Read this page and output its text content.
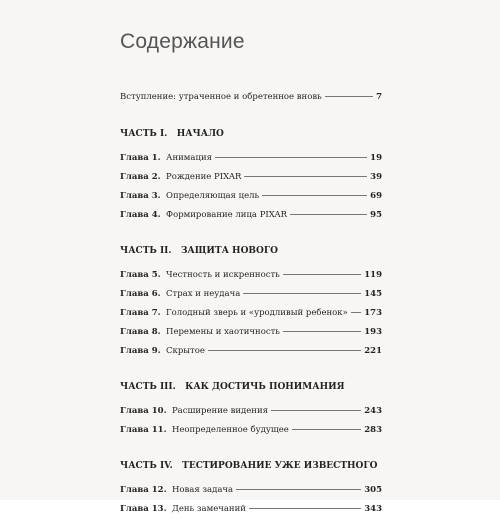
Содержание
Вступление: утраченное и обретенное вновь	7
ЧАСТЬ I. НАЧАЛО
Глава 1. Анимация	19
Глава 2. Рождение PIXAR	39
Глава 3. Определяющая цель	69
Глава 4. Формирование лица PIXAR	95
ЧАСТЬ II. ЗАЩИТА НОВОГО
Глава 5. Честность и искренность	119
Глава 6. Страх и неудача	145
Глава 7. Голодный зверь и «уродливый ребенок» 173
Глава 8. Перемены и хаотичность	193
Глава 9. Скрытое	221
ЧАСТЬ III. КАК ДОСТИЧЬ ПОНИМАНИЯ
Глава 10. Расширение видения	243
Глава 11. Неопределенное будущее	283
ЧАСТЬ IV. ТЕСТИРОВАНИЕ УЖЕ ИЗВЕСТНОГО
Глава 12. Новая задача	305
Глава 13. День замечаний	343
